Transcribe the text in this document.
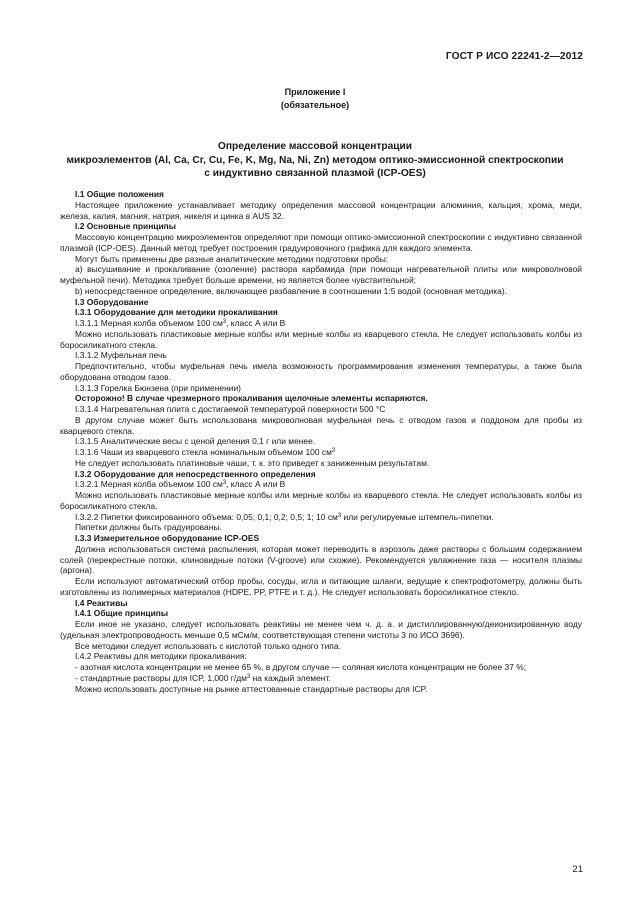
ГОСТ Р ИСО 22241-2—2012
Приложение I
(обязательное)
Определение массовой концентрации
микроэлементов (Al, Ca, Cr, Cu, Fe, K, Mg, Na, Ni, Zn) методом оптико-эмиссионной спектроскопии
с индуктивно связанной плазмой (ICP-OES)

I.1 Общие положения

Настоящее приложение устанавливает методику определения массовой концентрации алюминия, кальция, хрома, меди, железа, калия, магния, натрия, никеля и цинка в AUS 32.

I.2 Основные принципы

Массовую концентрацию микроэлементов определяют при помощи оптико-эмиссионной спектроскопии с индуктивно связанной плазмой (ICP-OES). Данный метод требует построения градуировочного графика для каждого элемента.

Могут быть применены две разные аналитические методики подготовки пробы:

a) высушивание и прокаливание (озоление) раствора карбамида (при помощи нагревательной плиты или микроволновой муфельной печи). Методика требует больше времени, но является более чувствительной;

b) непосредственное определение, включающее разбавление в соотношении 1:5 водой (основная методика).

I.3 Оборудование

I.3.1 Оборудование для методики прокаливания

I.3.1.1 Мерная колба объемом 100 $см^3$, класс А или В

Можно использовать пластиковые мерные колбы или мерные колбы из кварцевого стекла. Не следует использовать колбы из боросиликатного стекла.

I.3.1.2 Муфельная печь

Предпочтительно, чтобы муфельная печь имела возможность программирования изменения температуры, а также была оборудована отводом газов.

I.3.1.3 Горелка Бюнзена (при применении)

Осторожно! В случае чрезмерного прокаливания щелочные элементы испаряются.

I.3.1.4 Нагревательная плита с достигаемой температурой поверхности 500 °С

В другом случае может быть использована микроволновая муфельная печь с отводом газов и поддоном для пробы из кварцевого стекла.

I.3.1.5 Аналитические весы с ценой деления 0,1 г или менее.

I.3.1.6 Чаши из кварцевого стекла номинальным объемом 100 $см^3$

Не следует использовать платиновые чаши, т. к. это приведет к заниженным результатам.

I.3.2 Оборудование для непосредственного определения

I.3.2.1 Мерная колба объемом 100 $см^3$, класс А или В

Можно использовать пластиковые мерные колбы или мерные колбы из кварцевого стекла. Не следует использовать колбы из боросиликатного стекла.

I.3.2.2 Пипетки фиксированного объема: 0,05; 0,1; 0,2; 0,5; 1; 10 $см^3$ или регулируемые штемпель-пипетки.

Пипетки должны быть градуированы.

I.3.3 Измерительное оборудование ICP-OES

Должна использоваться система распыления, которая может переводить в аэрозоль даже растворы с большим содержанием солей (перекрестные потоки, клиновидные потоки (V-groove) или схожие). Рекомендуется увлажнение газа — носителя плазмы (аргона).

Если используют автоматический отбор пробы, сосуды, игла и питающие шланги, ведущие к спектрофотометру, должны быть изготовлены из полимерных материалов (HDPE, PP, PTFE и т. д.). Не следует использовать боросиликатное стекло.

I.4 Реактивы

I.4.1 Общие принципы

Если иное не указано, следует использовать реактивы не менее чем ч. д. а. и дистиллированную/деионизированную воду (удельная электропроводность меньше 0,5 мСм/м, соответствующая степени чистоты 3 по ИСО 3696).

Все методики следует использовать с кислотой только одного типа.

I.4.2 Реактивы для методики прокаливания:

- азотная кислота концентрации не менее 65 %, в другом случае — соляная кислота концентрации не более 37 %;

- стандартные растворы для ICP, 1,000 $г/дм^3$ на каждый элемент.

Можно использовать доступные на рынке аттестованные стандартные растворы для ICP.

21
